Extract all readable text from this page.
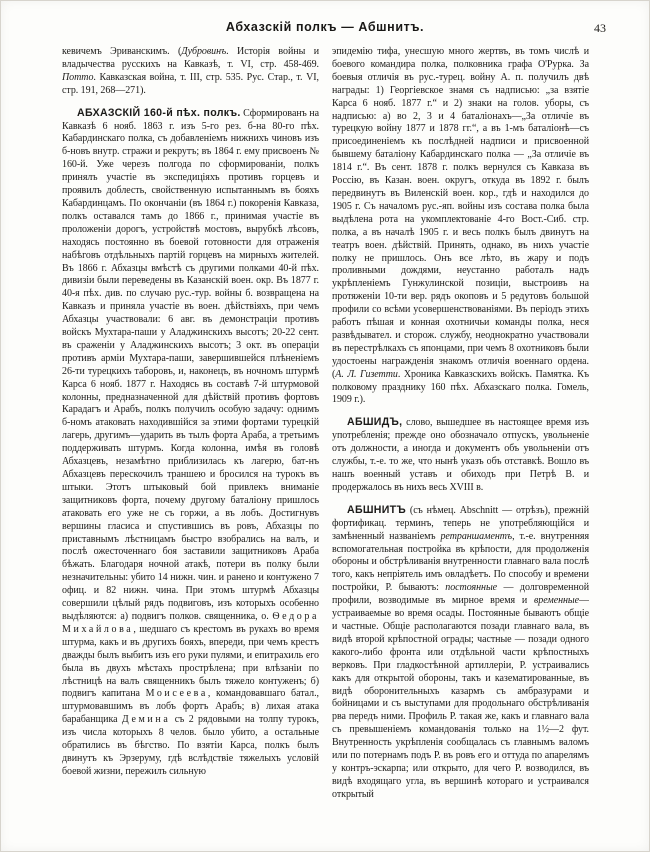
Абхазскій полкъ — Абшнитъ.	43

кевичемъ Эриванскимъ. (Дубровинъ. Исторія войны и владычества русскихъ на Кавказѣ, т. VI, стр. 458-469. Потто. Кавказская война, т. III, стр. 535. Рус. Стар., т. VI, стр. 191, 268—271).

АБХАЗСКІЙ 160-й пѣх. полкъ. Сформированъ на Кавказѣ 6 нояб. 1863 г. изъ 5-го рез. б-на 80-го пѣх. Кабардинскаго полка, съ добавленіемъ нижнихъ чиновъ изъ б-новъ внутр. стражи и рекрутъ; въ 1864 г. ему присвоенъ № 160-й. Уже черезъ полгода по сформированіи, полкъ принялъ участіе въ экспедиціяхъ противъ горцевъ и проявилъ доблесть, свойственную испытаннымъ въ бояхъ Кабардинцамъ. По окончаніи (въ 1864 г.) покоренія Кавказа, полкъ оставался тамъ до 1866 г., принимая участіе въ проложеніи дорогъ, устройствѣ мостовъ, вырубкѣ лѣсовъ, находясь постоянно въ боевой готовности для отраженія набѣговъ отдѣльныхъ партій горцевъ на мирныхъ жителей. Въ 1866 г. Абхазцы вмѣстѣ съ другими полками 40-й пѣх. дивизіи были переведены въ Казанскій воен. окр. Въ 1877 г. 40-я пѣх. див. по случаю рус.-тур. войны б. возвращена на Кавказъ и приняла участіе въ воен. дѣйствіяхъ, при чемъ Абхазцы участвовали: 6 авг. въ демонстраціи противъ войскъ Мухтара-паши у Аладжинскихъ высотъ; 20-22 сент. въ сраженіи у Аладжинскихъ высотъ; 3 окт. въ операціи противъ арміи Мухтара-паши, завершившейся плѣненіемъ 26-ти турецкихъ таборовъ, и, наконецъ, въ ночномъ штурмѣ Карса 6 нояб. 1877 г. Находясь въ составѣ 7-й штурмовой колонны, предназначенной для дѣйствій противъ фортовъ Карадагъ и Арабъ, полкъ получилъ особую задачу: однимъ б-номъ атаковать находившійся за этими фортами турецкій лагерь, другимъ—ударить въ тылъ форта Араба, а третьимъ поддерживать штурмъ. Когда колонна, имѣя въ головѣ Абхазцевъ, незамѣтно приблизилась къ лагерю, бат-нъ Абхазцевъ перескочилъ траншею и бросился на турокъ въ штыки. Этотъ штыковый бой привлекъ вниманіе защитниковъ форта, почему другому баталіону пришлось атаковать его уже не съ горжи, а въ лобъ. Достигнувъ вершины гласиса и спустившись въ ровъ, Абхазцы по приставнымъ лѣстницамъ быстро взобрались на валъ, и послѣ ожесточеннаго боя заставили защитниковъ Араба бѣжать. Благодаря ночной атакѣ, потери въ полку были незначительны: убито 14 нижн. чин. и ранено и контужено 7 офиц. и 82 нижн. чина. При этомъ штурмѣ Абхазцы совершили цѣлый рядъ подвиговъ, изъ которыхъ особенно выдѣляются: а) подвигъ полков. священника, о. Ѳедора Михайлова, шедшаго съ крестомъ въ рукахъ во время штурма, какъ и въ другихъ бояхъ, впереди, при чемъ крестъ дважды былъ выбитъ изъ его руки пулями, и епитрахиль его была въ двухъ мѣстахъ прострѣлена; при влѣзаніи по лѣстницѣ на валъ священникъ былъ тяжело контуженъ; б) подвигъ капитана Моисеева, командовавшаго батал., штурмовавшимъ въ лобъ фортъ Арабъ; в) лихая атака барабанщика Демина съ 2 рядовыми на толпу турокъ, изъ числа которыхъ 8 челов. было убито, а остальные обратились въ бѣгство. По взятіи Карса, полкъ былъ двинутъ къ Эрзеруму, гдѣ вслѣдствіе тяжелыхъ условій боевой жизни, пережилъ сильную

эпидемію тифа, унесшую много жертвъ, въ томъ числѣ и боевого командира полка, полковника графа О'Рурка. За боевыя отличія въ рус.-турец. войну А. п. получилъ двѣ награды: 1) Георгіевское знамя съ надписью: „за взятіе Карса 6 нояб. 1877 г.“ и 2) знаки на голов. уборы, съ надписью: а) во 2, 3 и 4 баталіонахъ—„За отличіе въ турецкую войну 1877 и 1878 гг.“, а въ 1-мъ баталіонѣ—съ присоединеніемъ къ послѣдней надписи и присвоенной бывшему баталіону Кабардинскаго полка — „За отличіе въ 1814 г.“. Въ сент. 1878 г. полкъ вернулся съ Кавказа въ Россію, въ Казан. воен. округъ, откуда въ 1892 г. былъ передвинутъ въ Виленскій воен. кор., гдѣ и находился до 1905 г. Съ началомъ рус.-яп. войны изъ состава полка была выдѣлена рота на укомплектованіе 4-го Вост.-Сиб. стр. полка, а въ началѣ 1905 г. и весь полкъ былъ двинутъ на театръ воен. дѣйствій. Принять, однако, въ нихъ участіе полку не пришлось. Онъ все лѣто, въ жару и подъ проливными дождями, неустанно работалъ надъ укрѣпленіемъ Гунжулинской позиціи, выстроивъ на протяженіи 10-ти вер. рядъ окоповъ и 5 редутовъ большой профили со всѣми усовершенствованіями. Въ періодъ этихъ работъ пѣшая и конная охотничьи команды полка, неся развѣдывател. и сторож. службу, неоднократно участвовали въ перестрѣлкахъ съ японцами, при чемъ 8 охотниковъ были удостоены награжденія знакомъ отличія военнаго ордена. (А. Л. Гизетти. Хроника Кавказскихъ войскъ. Памятка. Къ полковому празднику 160 пѣх. Абхазскаго полка. Гомель, 1909 г.).

АБШИДЪ, слово, вышедшее въ настоящее время изъ употребленія; прежде оно обозначало отпускъ, увольненіе отъ должности, а иногда и документъ объ увольненіи отъ службы, т.-е. то же, что нынѣ указъ объ отставкѣ. Вошло въ нашъ военный уставъ и обиходъ при Петрѣ В. и продержалось въ нихъ весь XVIII в.

АБШНИТЪ (съ нѣмец. Abschnitt — отрѣзъ), прежній фортификац. терминъ, теперь не употребляющійся и замѣненный названіемъ ретраншаментъ, т.-е. внутренняя вспомогательная постройка въ крѣпости, для продолженія обороны и обстрѣливанія внутренности главнаго вала послѣ того, какъ непріятель имъ овладѣетъ. По способу и времени постройки, Р. бываютъ: постоянные — долговременной профили, возводимые въ мирное время и временные—устраиваемые во время осады. Постоянные бываютъ общіе и частные. Общіе располагаются позади главнаго вала, въ видѣ второй крѣпостной ограды; частные — позади одного какого-либо фронта или отдѣльной части крѣпостныхъ верковъ. При гладкостѣнной артиллеріи, Р. устраивались какъ для открытой обороны, такъ и казематированные, въ видѣ оборонительныхъ казармъ съ амбразурами и бойницами и съ выступами для продольнаго обстрѣливанія рва передъ ними. Профиль Р. такая же, какъ и главнаго вала съ превышеніемъ командованія только на 1½—2 фут. Внутренность укрѣпленія сообщалась съ главнымъ валомъ или по потернамъ подъ Р. въ ровъ его и оттуда по апарелямъ у контръ-эскарпа; или открыто, для чего Р. возводился, въ видѣ входящаго угла, въ вершинѣ котораго и устраивался открытый
